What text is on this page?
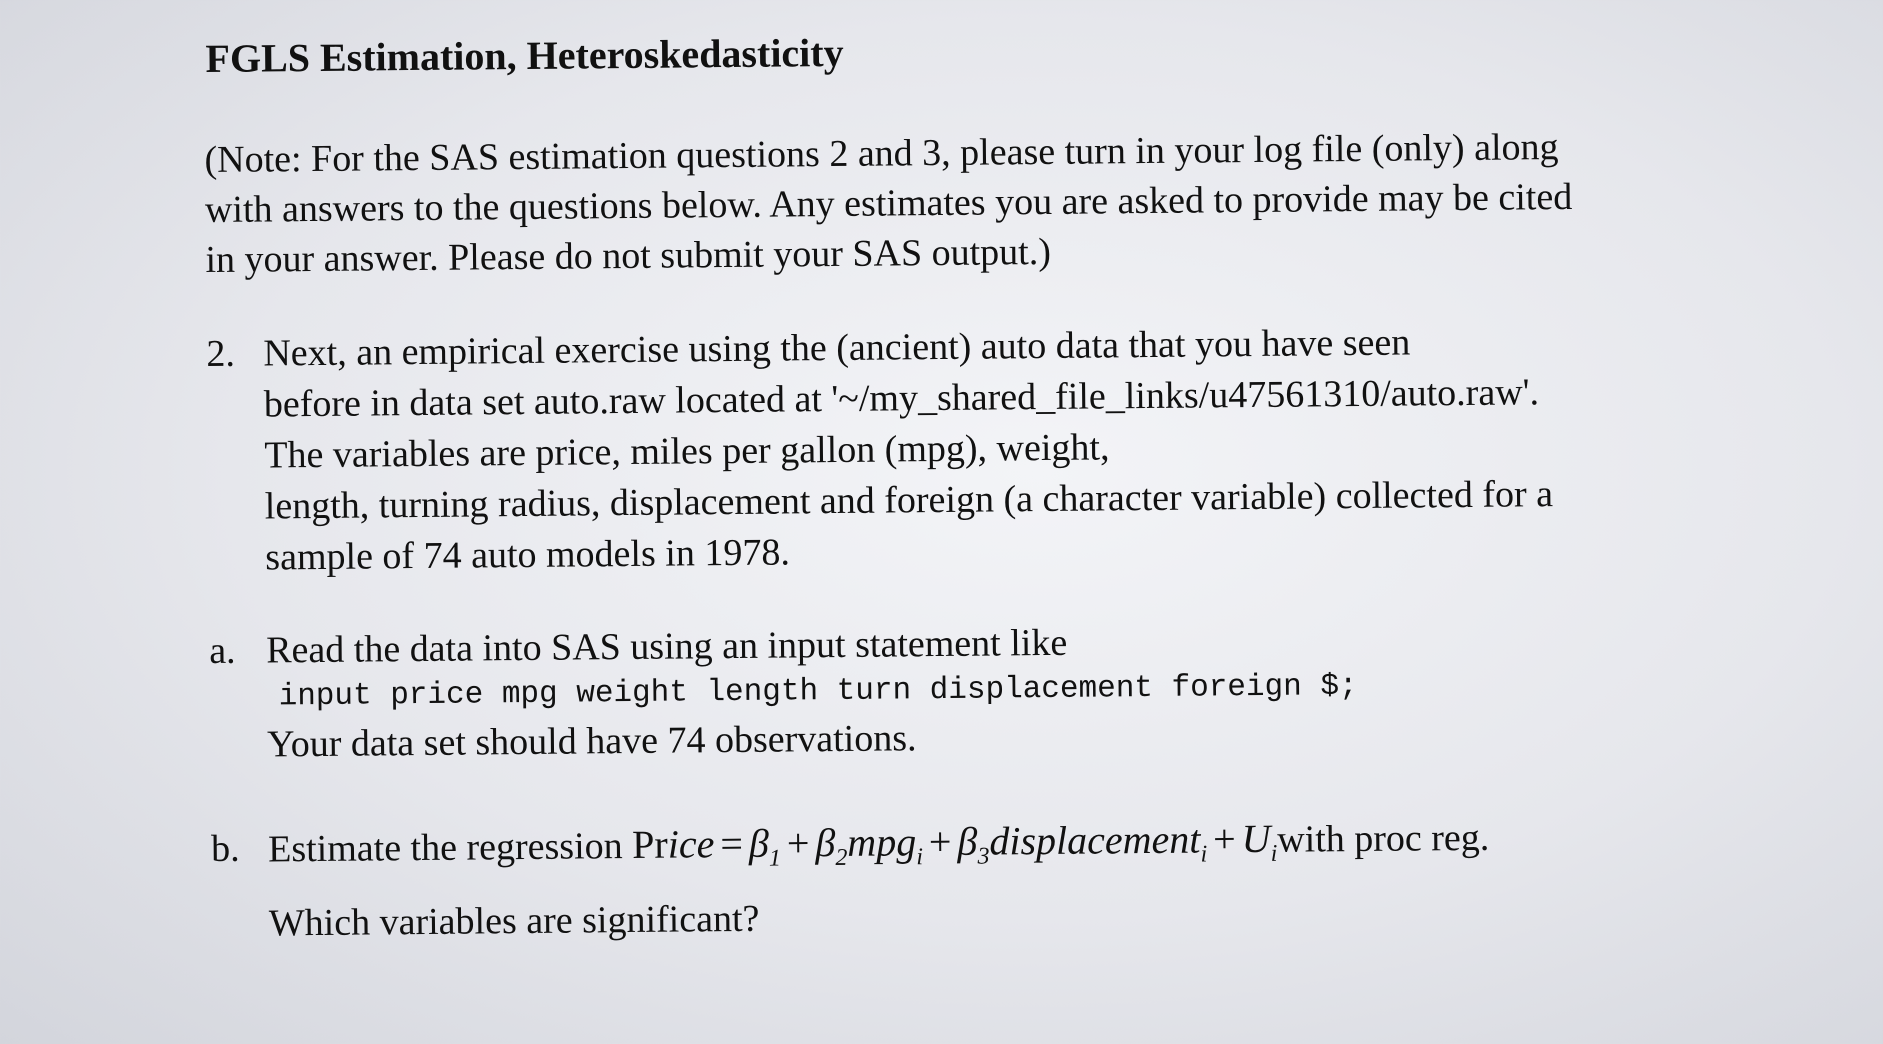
FGLS Estimation, Heteroskedasticity
(Note: For the SAS estimation questions 2 and 3, please turn in your log file (only) along
with answers to the questions below. Any estimates you are asked to provide may be cited
in your answer. Please do not submit your SAS output.)
2. Next, an empirical exercise using the (ancient) auto data that you have seen
before in data set auto.raw located at '~/my_shared_file_links/u47561310/auto.raw'.
The variables are price, miles per gallon (mpg), weight,
length, turning radius, displacement and foreign (a character variable) collected for a
sample of 74 auto models in 1978.
a. Read the data into SAS using an input statement like
input price mpg weight length turn displacement foreign $;
Your data set should have 74 observations.
b. Estimate the regression Price = $\beta_1 + \beta_2mpg_i$ + $\beta_3displacement_i$ + $U_iwith$ proc reg.
Which variables are significant?
